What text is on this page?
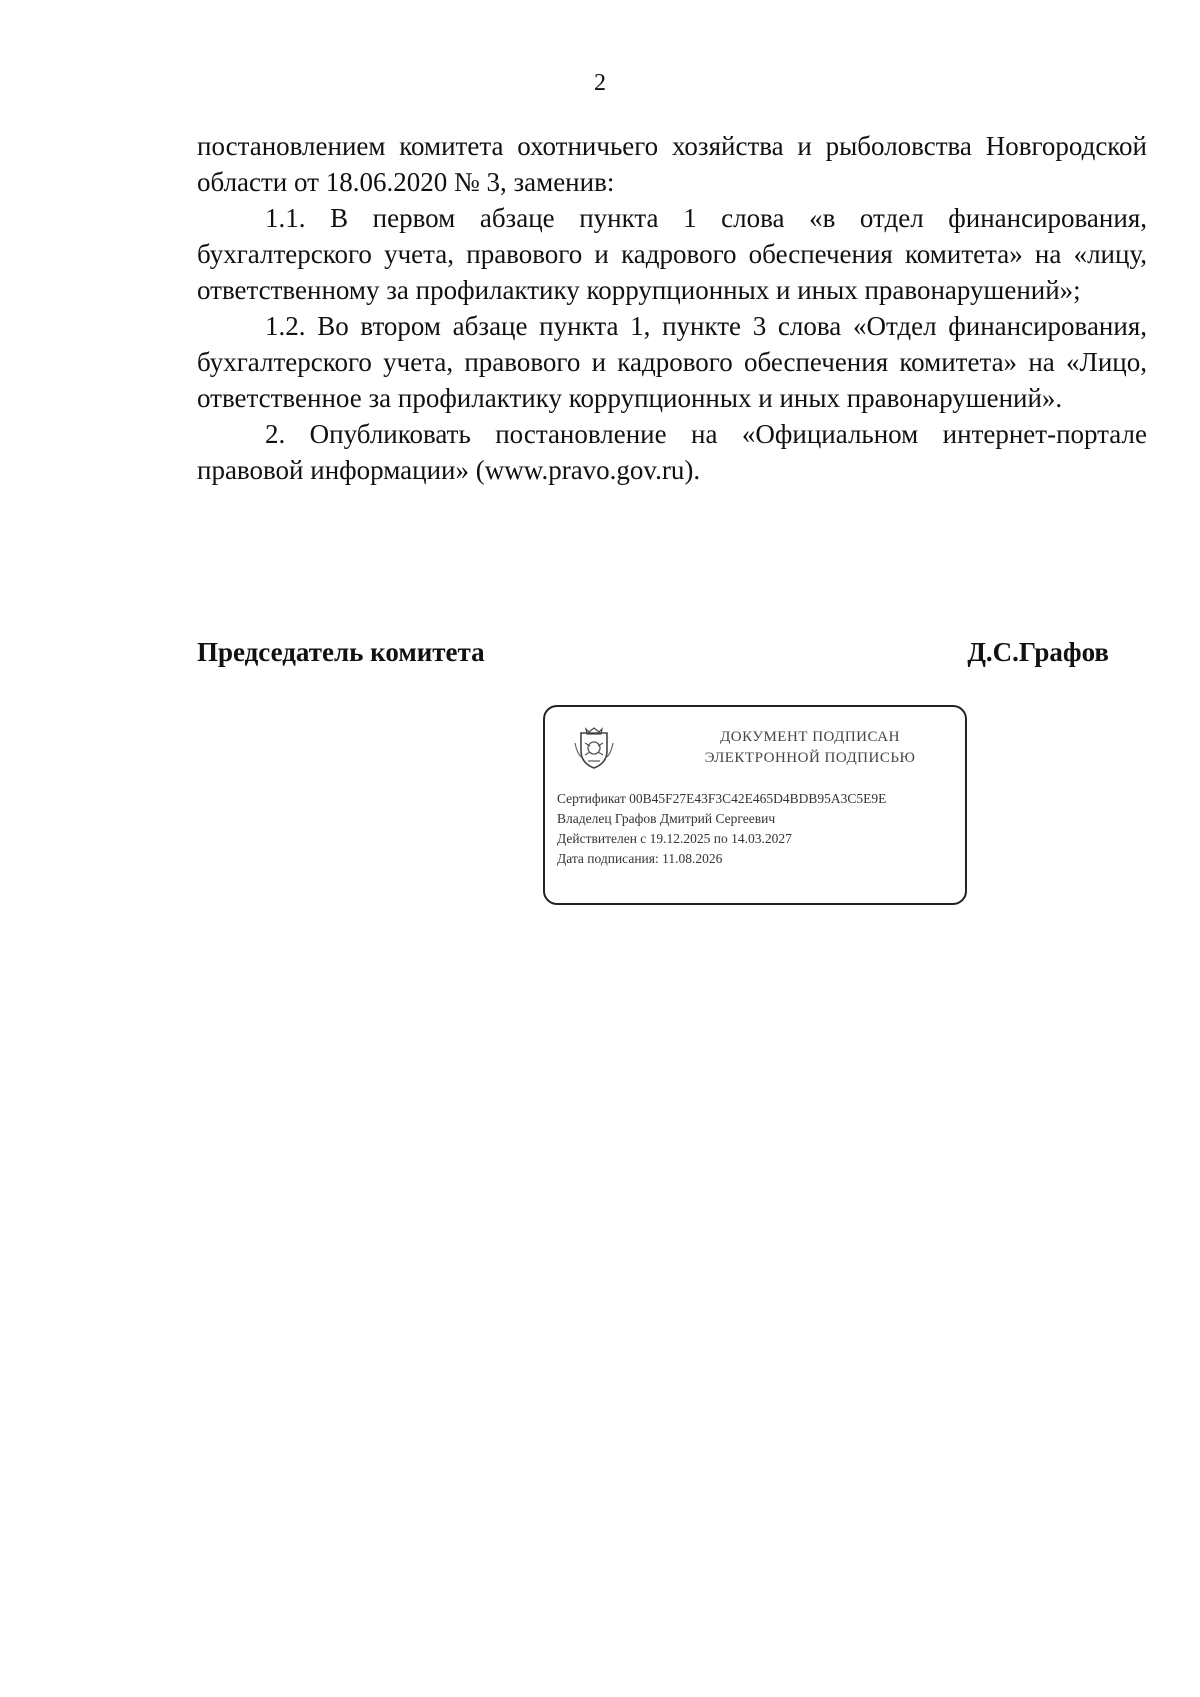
2

постановлением комитета охотничьего хозяйства и рыболовства Новгородской области от 18.06.2020 № 3, заменив:

1.1. В первом абзаце пункта 1 слова «в отдел финансирования, бухгалтерского учета, правового и кадрового обеспечения комитета» на «лицу, ответственному за профилактику коррупционных и иных правонарушений»;

1.2. Во втором абзаце пункта 1, пункте 3 слова «Отдел финансирования, бухгалтерского учета, правового и кадрового обеспечения комитета» на «Лицо, ответственное за профилактику коррупционных и иных правонарушений».

2. Опубликовать постановление на «Официальном интернет-портале правовой информации» (www.pravo.gov.ru).

Председатель комитета	Д.С.Графов
ДОКУМЕНТ ПОДПИСАН
ЭЛЕКТРОННОЙ ПОДПИСЬЮ
Сертификат 00B45F27E43F3C42E465D4BDB95A3C5E9E
Владелец Графов Дмитрий Сергеевич
Действителен с 19.12.2025 по 14.03.2027
Дата подписания: 11.08.2026
